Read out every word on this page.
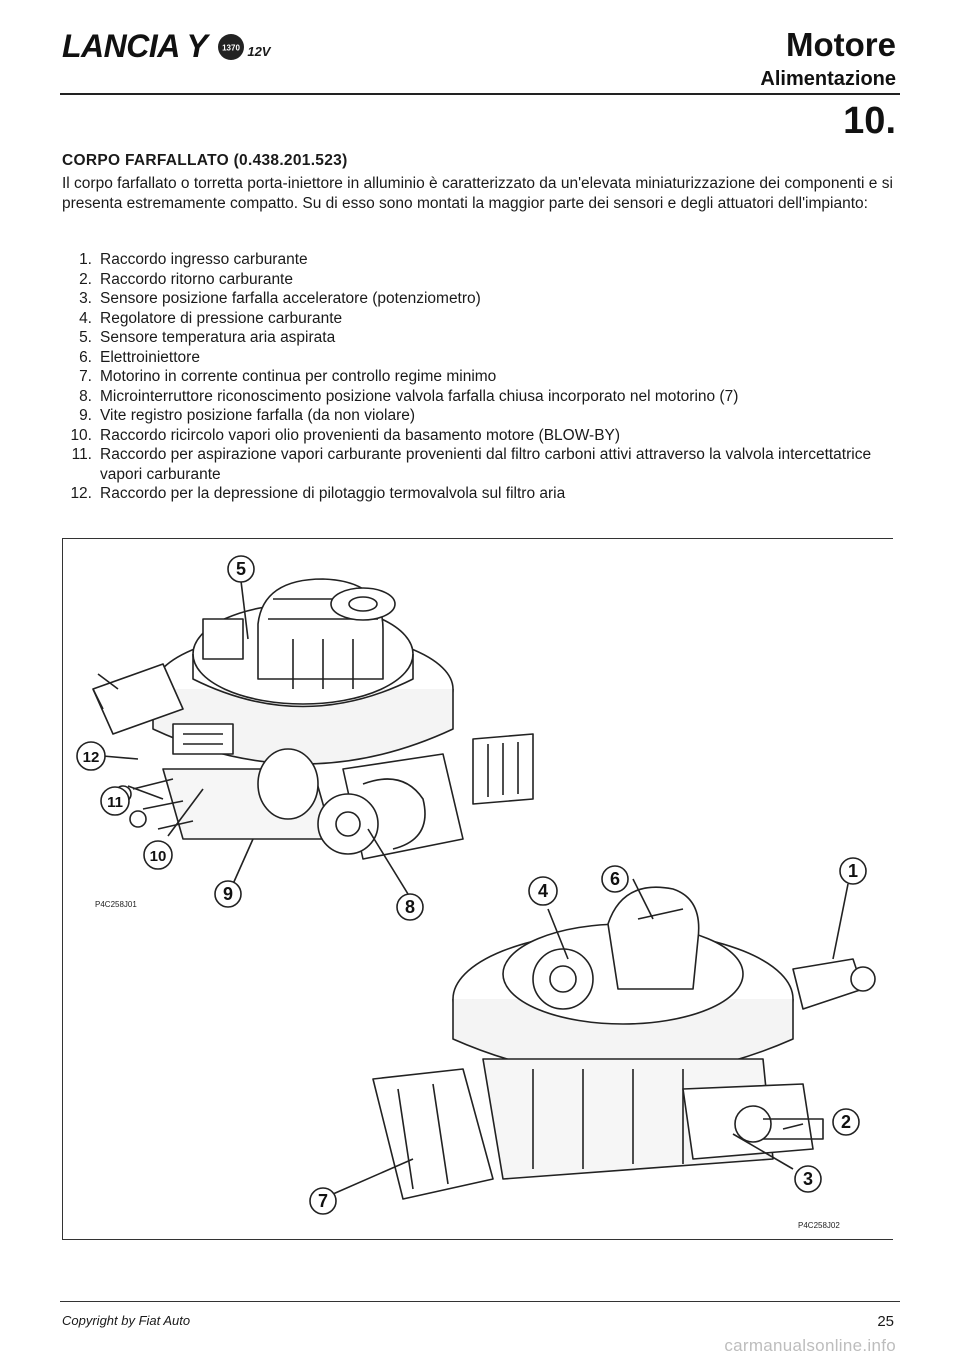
LANCIA Y 1370 12V	Motore
Alimentazione
10.
CORPO FARFALLATO (0.438.201.523)
Il corpo farfallato o torretta porta-iniettore in alluminio è caratterizzato da un'elevata miniaturizzazione dei componenti e si presenta estremamente compatto. Su di esso sono montati la maggior parte dei sensori e degli attuatori dell'impianto:
1. Raccordo ingresso carburante
2. Raccordo ritorno carburante
3. Sensore posizione farfalla acceleratore (potenziometro)
4. Regolatore di pressione carburante
5. Sensore temperatura aria aspirata
6. Elettroiniettore
7. Motorino in corrente continua per controllo regime minimo
8. Microinterruttore riconoscimento posizione valvola farfalla chiusa incorporato nel motorino (7)
9. Vite registro posizione farfalla (da non violare)
10. Raccordo ricircolo vapori olio provenienti da basamento motore (BLOW-BY)
11. Raccordo per aspirazione vapori carburante provenienti dal filtro carboni attivi attraverso la valvola intercettatrice vapori carburante
12. Raccordo per la depressione di pilotaggio termovalvola sul filtro aria
5
12
11
10
9
8
4
6	1
2
7
3
P4C258J01
P4C258J02
Copyright by Fiat Auto	25
carmanualsonline.info
